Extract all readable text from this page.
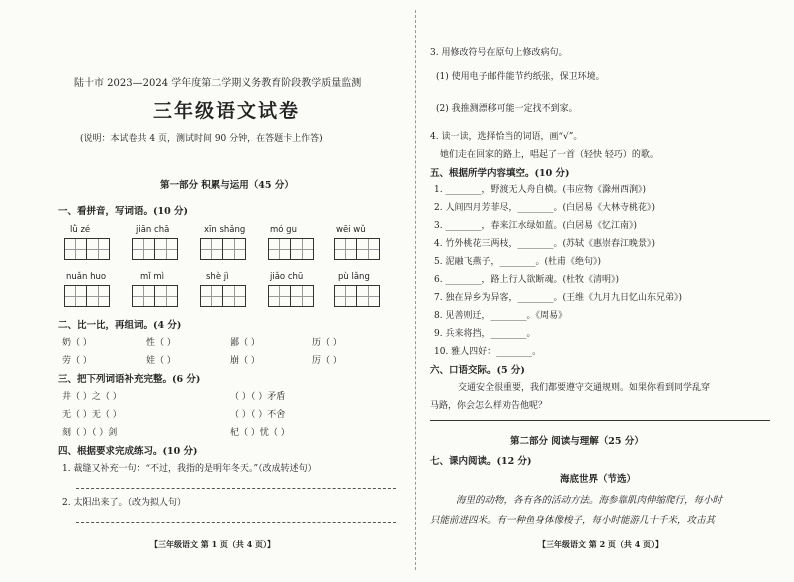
陆十市 2023—2024 学年度第二学期义务教育阶段教学质量监测
三年级语文试卷
(说明：本试卷共 4 页，测试时间 90 分钟，在答题卡上作答)
第一部分 积累与运用（45 分）
一、看拼音，写词语。(10 分)
lǜ zé	jiān chā	xīn shǎng	mó gu	wēi wǔ
nuǎn huo	mǐ mì	shè jì	jiǎo chū	pù lǎng
二、比一比，再组词。(4 分)
奶（ ）	性（ ）	鄙（ ）	历（ ）
劳（ ）	娃（ ）	崩（ ）	厉（ ）
三、把下列词语补充完整。(6 分)
井（ ）之（ ）	（ ）（ ）矛盾
无（ ）无（ ）	（ ）（ ）不舍
刻（ ）（ ）剑	杞（ ）忧（ ）
四、根据要求完成练习。(10 分)
1. 裁缝又补充一句：“不过，我指的是明年冬天。”（改成转述句）
2. 太阳出来了。（改为拟人句）
【三年级语文 第 1 页（共 4 页）】
3. 用修改符号在原句上修改病句。
(1) 使用电子邮件能节约纸张，保卫环境。
(2) 我推测漂移可能一定找不到家。
4. 读一读，选择恰当的词语，画“√”。
她们走在回家的路上，唱起了一首（轻快 轻巧）的歌。
五、根据所学内容填空。(10 分)
1. ________，野渡无人舟自横。(韦应物《滁州西涧》)
2. 人间四月芳菲尽，________。(白居易《大林寺桃花》)
3. ________，春来江水绿如蓝。(白居易《忆江南》)
4. 竹外桃花三两枝，________。(苏轼《惠崇春江晚景》)
5. 泥融飞燕子，________。(杜甫《绝句》)
6. ________，路上行人欲断魂。(杜牧《清明》)
7. 独在异乡为异客，________。(王维《九月九日忆山东兄弟》)
8. 见善则迁，________。《周易》
9. 兵来将挡，________。
10. 雅人四好：________。
六、口语交际。(5 分)
交通安全很重要，我们都要遵守交通规则。如果你看到同学乱穿
马路，你会怎么样劝告他呢？
第二部分 阅读与理解（25 分）
七、课内阅读。(12 分)
海底世界（节选）
海里的动物，各有各的活动方法。海参靠肌肉伸缩爬行，每小时
只能前进四米。有一种鱼身体像梭子，每小时能游几十千米，攻击其
【三年级语文 第 2 页（共 4 页）】
